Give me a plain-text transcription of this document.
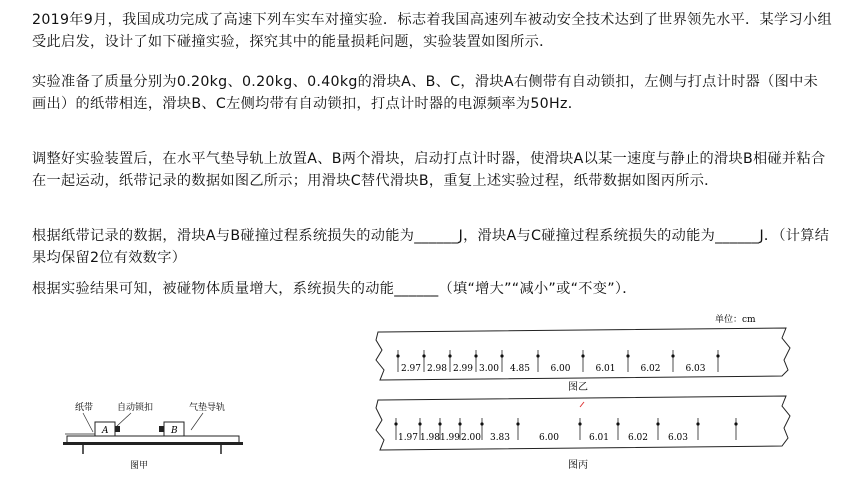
2019年9月，我国成功完成了高速下列车实车对撞实验．标志着我国高速列车被动安全技术达到了世界领先水平．某学习小组受此启发，设计了如下碰撞实验，探究其中的能量损耗问题，实验装置如图所示．

实验准备了质量分别为0.20kg、0.20kg、0.40kg的滑块A、B、C，滑块A右侧带有自动锁扣，左侧与打点计时器（图中未画出）的纸带相连，滑块B、C左侧均带有自动锁扣，打点计时器的电源频率为50Hz．

调整好实验装置后，在水平气垫导轨上放置A、B两个滑块，启动打点计时器，使滑块A以某一速度与静止的滑块B相碰并粘合在一起运动，纸带记录的数据如图乙所示；用滑块C替代滑块B，重复上述实验过程，纸带数据如图丙所示．

根据纸带记录的数据，滑块A与B碰撞过程系统损失的动能为______J，滑块A与C碰撞过程系统损失的动能为______J．（计算结果均保留2位有效数字）

根据实验结果可知，被碰物体质量增大，系统损失的动能______（填“增大”“减小”或“不变”）．

纸带	自动锁扣	气垫导轨
A	B
图甲
单位：cm
2.97 2.98 2.99 3.00 4.85 6.00	6.01	6.02	6.03
图乙
1.97 1.98 1.99 2.00 3.83	6.00	6.01 6.02 6.03
图丙
